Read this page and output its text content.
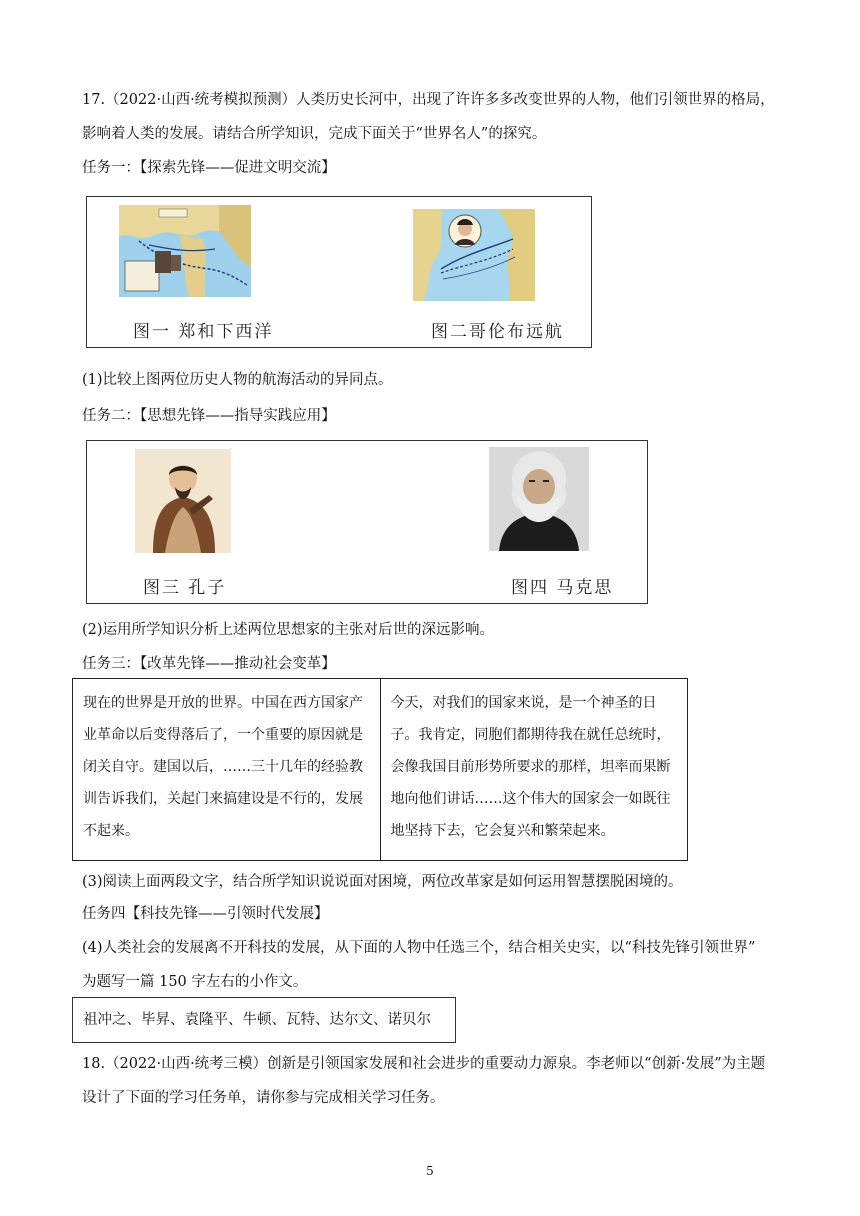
17.（2022·山西·统考模拟预测）人类历史长河中，出现了许许多多改变世界的人物，他们引领世界的格局，

影响着人类的发展。请结合所学知识，完成下面关于“世界名人”的探究。

任务一：【探索先锋——促进文明交流】

图一 郑和下西洋	图二哥伦布远航

(1)比较上图两位历史人物的航海活动的异同点。

任务二：【思想先锋——指导实践应用】

图三 孔子	图四 马克思

(2)运用所学知识分析上述两位思想家的主张对后世的深远影响。

任务三：【改革先锋——推动社会变革】

现在的世界是开放的世界。中国在西方国家产业革命以后变得落后了，一个重要的原因就是闭关自守。建国以后，……三十几年的经验教训告诉我们，关起门来搞建设是不行的，发展不起来。	今天，对我们的国家来说，是一个神圣的日子。我肯定，同胞们都期待我在就任总统时，会像我国目前形势所要求的那样，坦率而果断地向他们讲话……这个伟大的国家会一如既往地坚持下去，它会复兴和繁荣起来。

(3)阅读上面两段文字，结合所学知识说说面对困境，两位改革家是如何运用智慧摆脱困境的。

任务四【科技先锋——引领时代发展】

(4)人类社会的发展离不开科技的发展，从下面的人物中任选三个，结合相关史实，以“科技先锋引领世界”

为题写一篇 150 字左右的小作文。

祖冲之、毕昇、袁隆平、牛顿、瓦特、达尔文、诺贝尔

18.（2022·山西·统考三模）创新是引领国家发展和社会进步的重要动力源泉。李老师以“创新·发展”为主题

设计了下面的学习任务单，请你参与完成相关学习任务。

5
